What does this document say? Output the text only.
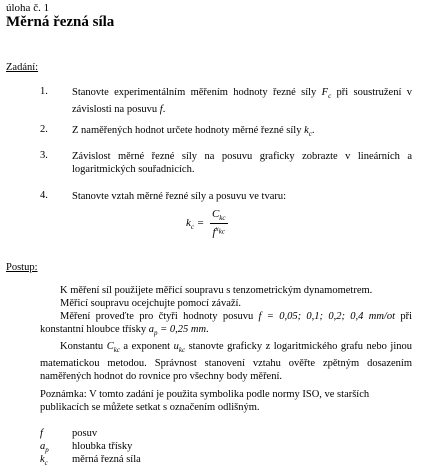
úloha č. 1
Měrná řezná síla
Zadání:
1. Stanovte experimentálním měřením hodnoty řezné síly $F_c$ při soustružení v závislosti na posuvu f.
2. Z naměřených hodnot určete hodnoty měrné řezné síly $k_c$.
3. Závislost měrné řezné síly na posuvu graficky zobrazte v lineárních a logaritmických souřadnicích.
4. Stanovte vztah měrné řezné síly a posuvu ve tvaru:
$k_c = \frac{C_{kc}}{f^{x_{kc}}}$
Postup:
K měření síl použijete měřicí soupravu s tenzometrickým dynamometrem.
Měřicí soupravu ocejchujte pomocí závaží.
Měření proveďte pro čtyři hodnoty posuvu f = 0,05; 0,1; 0,2; 0,4 mm/ot při konstantní hloubce třísky $a_p = 0,25$ mm.
Konstantu $C_{kc}$ a exponent $u_{kc}$ stanovte graficky z logaritmického grafu nebo jinou matematickou metodou. Správnost stanovení vztahu ověřte zpětným dosazením naměřených hodnot do rovnice pro všechny body měření.
Poznámka: V tomto zadání je použita symbolika podle normy ISO, ve starších publikacích se můžete setkat s označením odlišným.
f	posuv
$a_p$ hloubka třísky
$k_c$ měrná řezná síla
